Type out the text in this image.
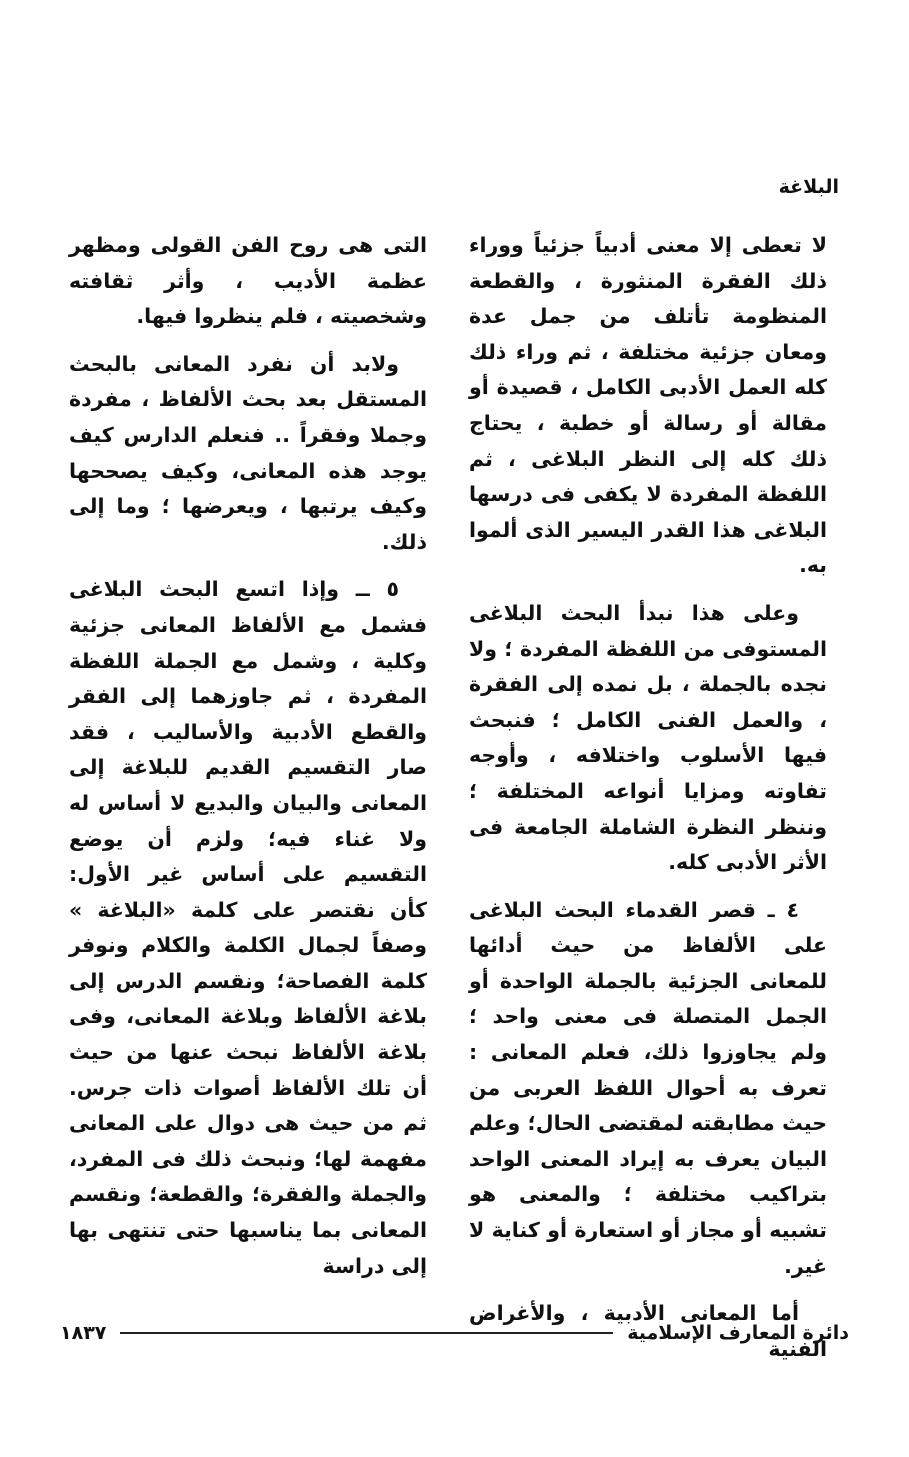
البلاغة

لا تعطى إلا معنى أدبياً جزئياً ووراء ذلك الفقرة المنثورة ، والقطعة المنظومة تأتلف من جمل عدة ومعان جزئية مختلفة ، ثم وراء ذلك كله العمل الأدبى الكامل ، قصيدة أو مقالة أو رسالة أو خطبة ، يحتاج ذلك كله إلى النظر البلاغى ، ثم اللفظة المفردة لا يكفى فى درسها البلاغى هذا القدر اليسير الذى ألموا به.

وعلى هذا نبدأ البحث البلاغى المستوفى من اللفظة المفردة ؛ ولا نجده بالجملة ، بل نمده إلى الفقرة ، والعمل الفنى الكامل ؛ فنبحث فيها الأسلوب واختلافه ، وأوجه تفاوته ومزايا أنواعه المختلفة ؛ وننظر النظرة الشاملة الجامعة فى الأثر الأدبى كله.

٤ ـ قصر القدماء البحث البلاغى على الألفاظ من حيث أدائها للمعانى الجزئية بالجملة الواحدة أو الجمل المتصلة فى معنى واحد ؛ ولم يجاوزوا ذلك، فعلم المعانى : تعرف به أحوال اللفظ العربى من حيث مطابقته لمقتضى الحال؛ وعلم البيان يعرف به إيراد المعنى الواحد بتراكيب مختلفة ؛ والمعنى هو تشبيه أو مجاز أو استعارة أو كناية لا غير.

أما المعانى الأدبية ، والأغراض الفنية

التى هى روح الفن القولى ومظهر عظمة الأديب ، وأثر ثقافته وشخصيته ، فلم ينظروا فيها.

ولابد أن نفرد المعانى بالبحث المستقل بعد بحث الألفاظ ، مفردة وجملا وفقراً .. فنعلم الدارس كيف يوجد هذه المعانى، وكيف يصححها وكيف يرتبها ، ويعرضها ؛ وما إلى ذلك.

٥ ــ وإذا اتسع البحث البلاغى فشمل مع الألفاظ المعانى جزئية وكلية ، وشمل مع الجملة اللفظة المفردة ، ثم جاوزهما إلى الفقر والقطع الأدبية والأساليب ، فقد صار التقسيم القديم للبلاغة إلى المعانى والبيان والبديع لا أساس له ولا غناء فيه؛ ولزم أن يوضع التقسيم على أساس غير الأول: كأن نقتصر على كلمة «البلاغة » وصفاً لجمال الكلمة والكلام ونوفر كلمة الفصاحة؛ ونقسم الدرس إلى بلاغة الألفاظ وبلاغة المعانى، وفى بلاغة الألفاظ نبحث عنها من حيث أن تلك الألفاظ أصوات ذات جرس. ثم من حيث هى دوال على المعانى مفهمة لها؛ ونبحث ذلك فى المفرد، والجملة والفقرة؛ والقطعة؛ ونقسم المعانى بما يناسبها حتى تنتهى بها إلى دراسة

دائرة المعارف الإسلامية
١٨٣٧
